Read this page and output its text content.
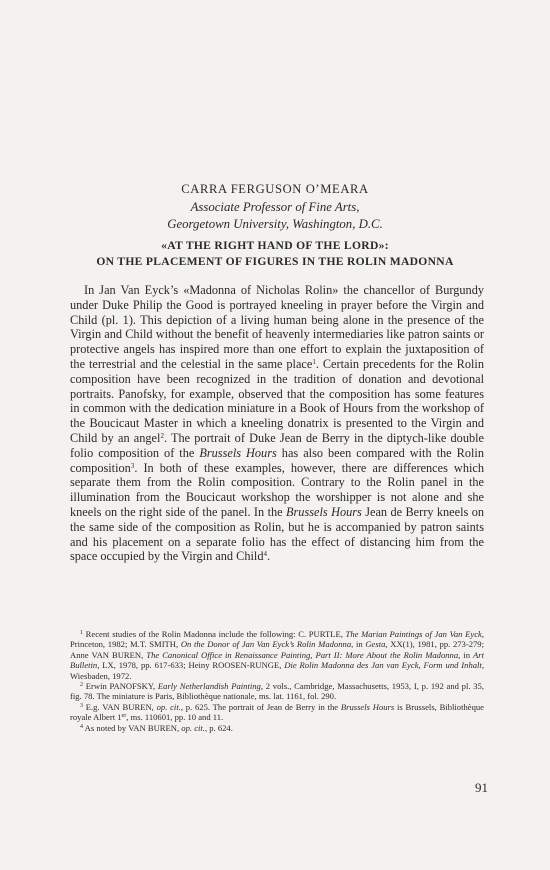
CARRA FERGUSON O’MEARA
Associate Professor of Fine Arts,
Georgetown University, Washington, D.C.
«AT THE RIGHT HAND OF THE LORD»:
ON THE PLACEMENT OF FIGURES IN THE ROLIN MADONNA
In Jan Van Eyck’s «Madonna of Nicholas Rolin» the chancellor of Burgundy under Duke Philip the Good is portrayed kneeling in prayer before the Virgin and Child (pl. 1). This depiction of a living human being alone in the presence of the Virgin and Child without the benefit of heavenly intermediaries like patron saints or protective angels has inspired more than one effort to explain the juxtaposition of the terrestrial and the celestial in the same place$^1$. Certain precedents for the Rolin composition have been recognized in the tradition of donation and devotional portraits. Panofsky, for example, observed that the composition has some features in common with the dedication miniature in a Book of Hours from the workshop of the Boucicaut Master in which a kneeling donatrix is presented to the Virgin and Child by an angel$^2$. The portrait of Duke Jean de Berry in the diptych-like double folio composition of the Brussels Hours has also been compared with the Rolin composition$^3$. In both of these examples, however, there are differences which separate them from the Rolin composition. Contrary to the Rolin panel in the illumination from the Boucicaut workshop the worshipper is not alone and she kneels on the right side of the panel. In the Brussels Hours Jean de Berry kneels on the same side of the composition as Rolin, but he is accompanied by patron saints and his placement on a separate folio has the effect of distancing him from the space occupied by the Virgin and Child$^4$.

$^1$ Recent studies of the Rolin Madonna include the following: C. PURTLE, The Marian Paintings of Jan Van Eyck, Princeton, 1982; M.T. SMITH, On the Donor of Jan Van Eyck’s Rolin Madonna, in Gesta, XX(1), 1981, pp. 273-279; Anne VAN BUREN, The Canonical Office in Renaissance Painting, Part II: More About the Rolin Madonna, in Art Bulletin, LX, 1978, pp. 617-633; Heiny ROOSEN-RUNGE, Die Rolin Madonna des Jan van Eyck, Form und Inhalt, Wiesbaden, 1972.

$^2$ Erwin PANOFSKY, Early Netherlandish Painting, 2 vols., Cambridge, Massachusetts, 1953, I, p. 192 and pl. 35, fig. 78. The miniature is Paris, Bibliothèque nationale, ms. lat. 1161, fol. 290.

$^3$ E.g. VAN BUREN, op. cit., p. 625. The portrait of Jean de Berry in the Brussels Hours is Brussels, Bibliothèque royale Albert 1er, ms. 110601, pp. 10 and 11.

$^4$ As noted by VAN BUREN, op. cit., p. 624.

91
